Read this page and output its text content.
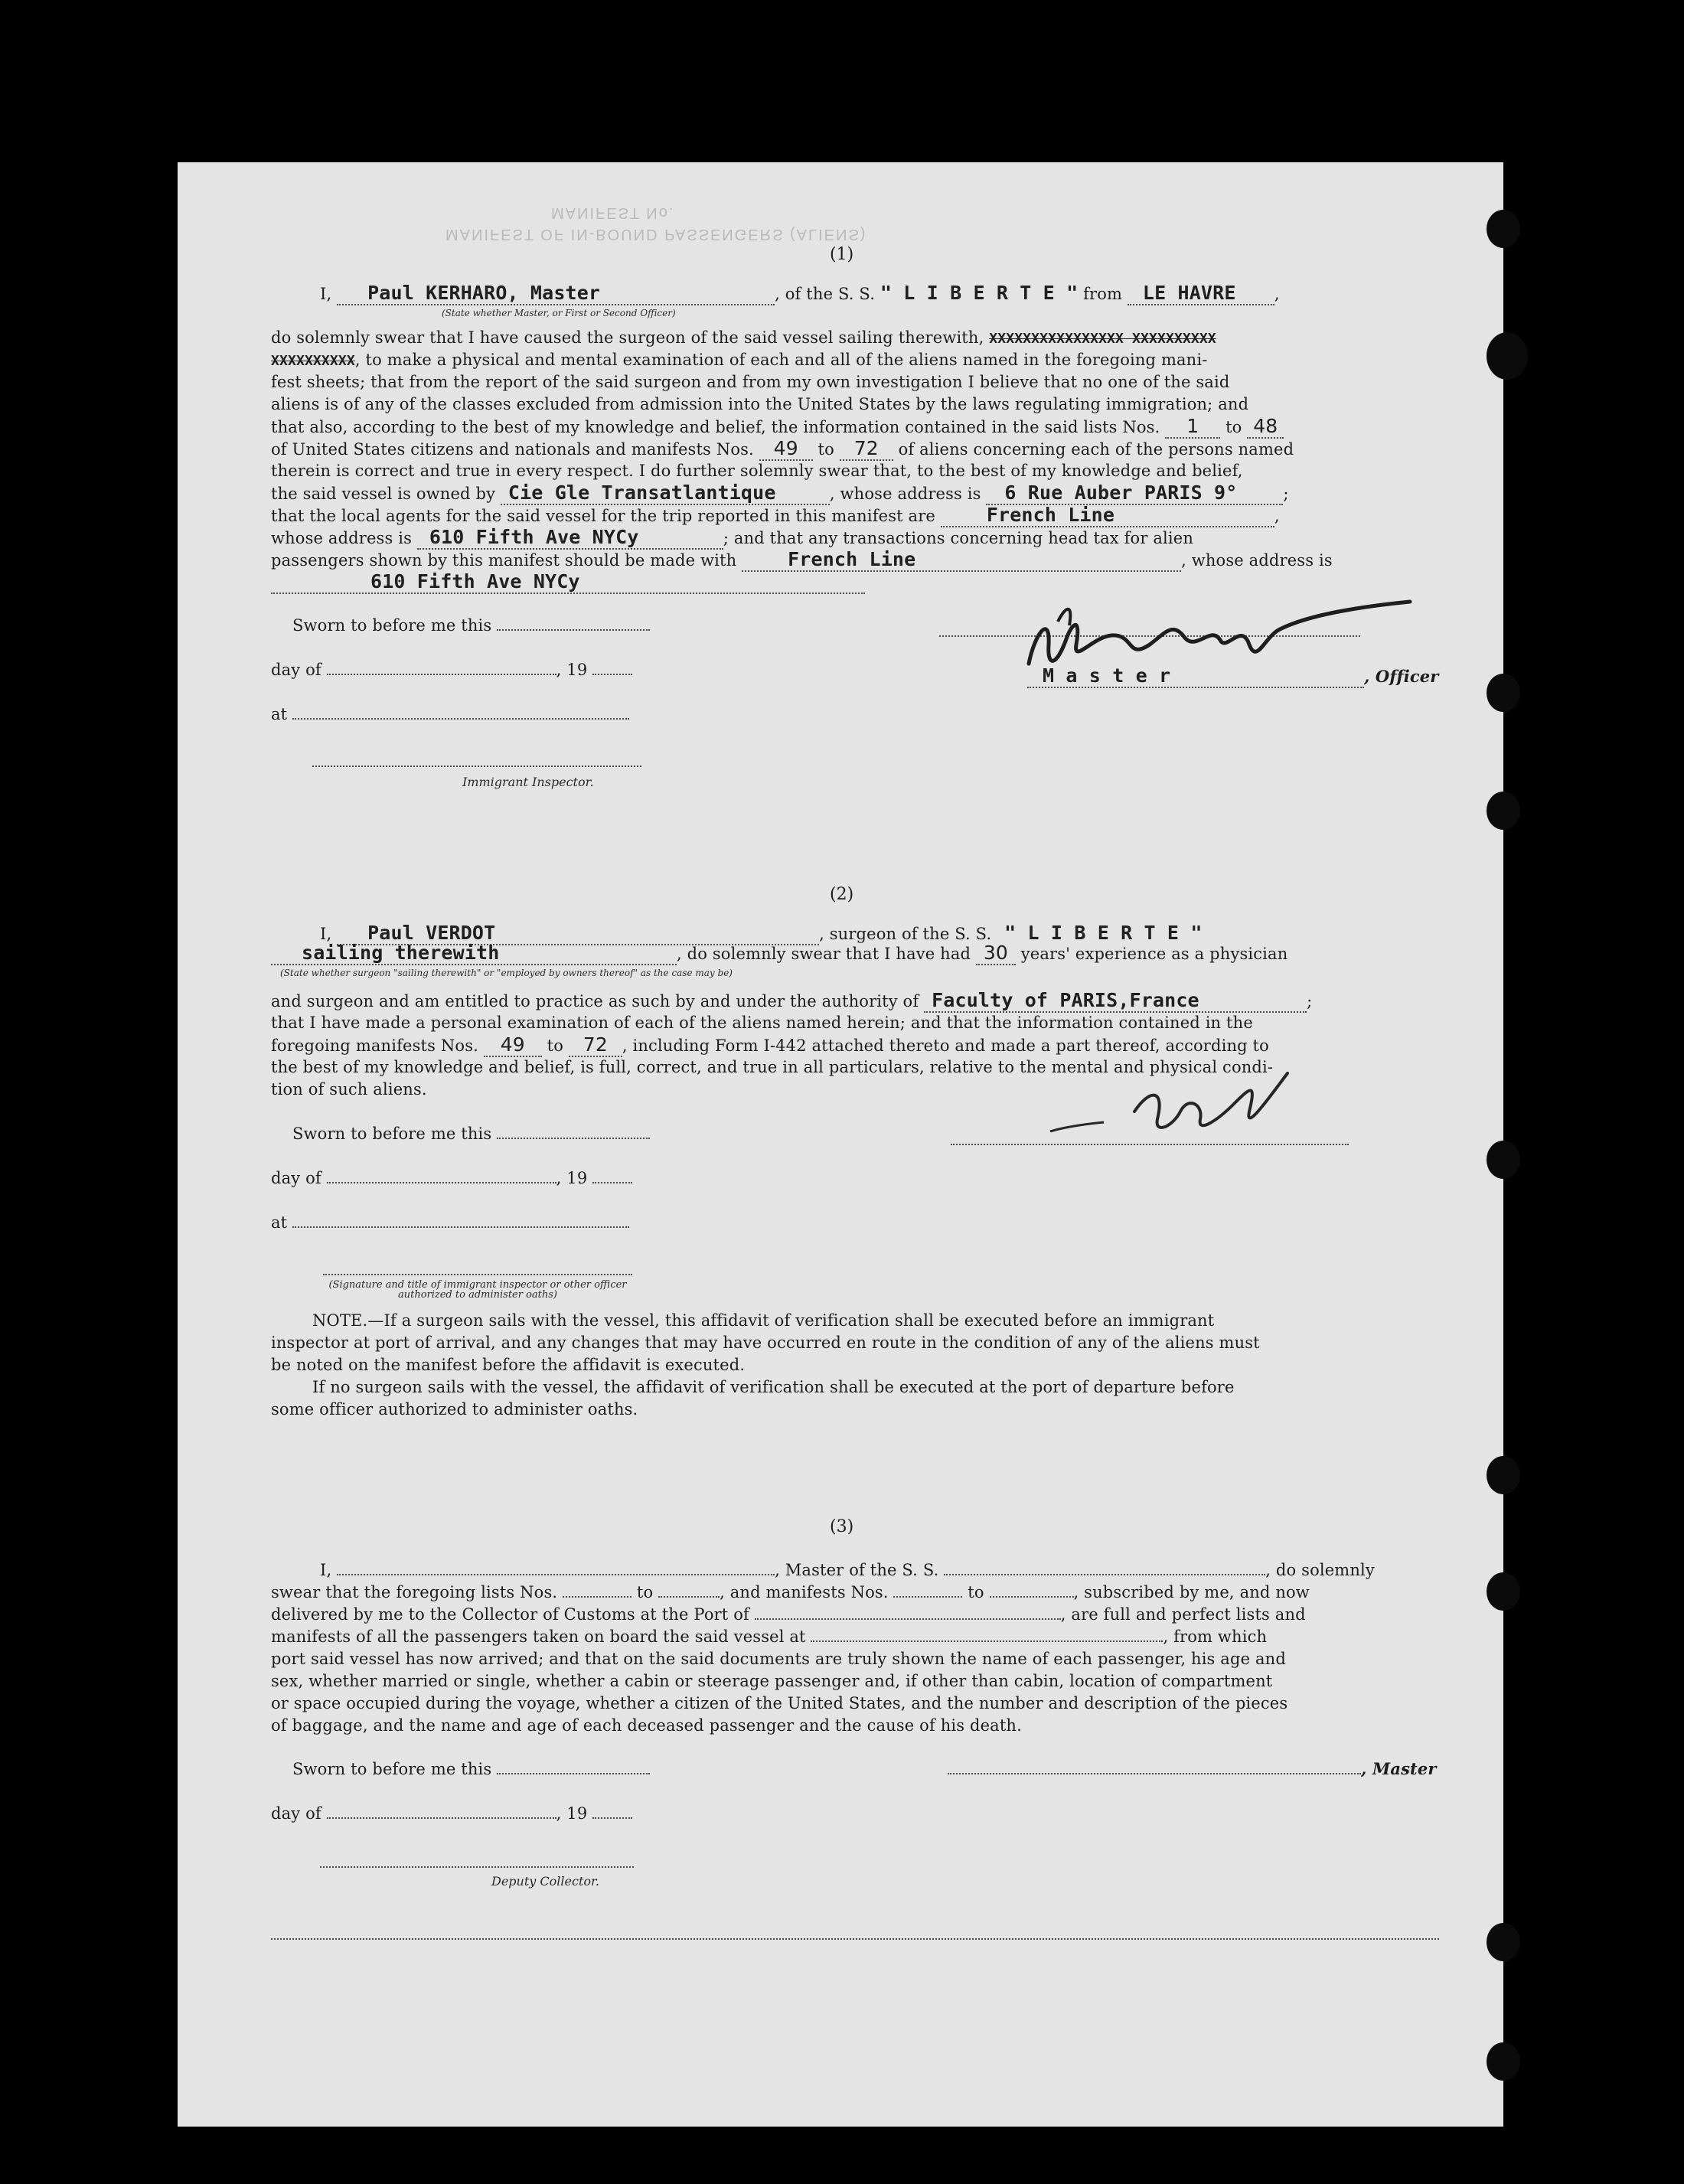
MANIFEST No.
MANIFEST OF IN-BOUND PASSENGERS (ALIENS)
(1)
I, Paul KERHARO, Master	, of the S. S. " L I B E R T E " from LE HAVRE ,
(State whether Master, or First or Second Officer)
do solemnly swear that I have caused the surgeon of the said vessel sailing therewith, XXXXXXXXXXXXXXXX XXXXXXXXXX
XXXXXXXXXX, to make a physical and mental examination of each and all of the aliens named in the foregoing mani-
fest sheets; that from the report of the said surgeon and from my own investigation I believe that no one of the said
aliens is of any of the classes excluded from admission into the United States by the laws regulating immigration; and
that also, according to the best of my knowledge and belief, the information contained in the said lists Nos. 1 to 48
of United States citizens and nationals and manifests Nos. 49 to 72 of aliens concerning each of the persons named
therein is correct and true in every respect. I do further solemnly swear that, to the best of my knowledge and belief,
the said vessel is owned by Cie Gle Transatlantique	, whose address is 6 Rue Auber PARIS 9°	;
that the local agents for the said vessel for the trip reported in this manifest are	French Line	,
whose address is 610 Fifth Ave NYCy	; and that any transactions concerning head tax for alien
passengers shown by this manifest should be made with	French Line	, whose address is
610 Fifth Ave NYCy
Sworn to before me this
day of	, 19
at
Immigrant Inspector.
M a s t e r	, Officer
(2)
I, Paul VERDOT	, surgeon of the S. S. " L I B E R T E "
sailing therewith	, do solemnly swear that I have had 30 years' experience as a physician
(State whether surgeon "sailing therewith" or "employed by owners thereof" as the case may be)
and surgeon and am entitled to practice as such by and under the authority of Faculty of PARIS,France	;
that I have made a personal examination of each of the aliens named herein; and that the information contained in the
foregoing manifests Nos. 49 to 72 , including Form I-442 attached thereto and made a part thereof, according to
the best of my knowledge and belief, is full, correct, and true in all particulars, relative to the mental and physical condi-
tion of such aliens.
Sworn to before me this
day of	, 19
at
(Signature and title of immigrant inspector or other officer authorized to administer oaths)
NOTE.—If a surgeon sails with the vessel, this affidavit of verification shall be executed before an immigrant
inspector at port of arrival, and any changes that may have occurred en route in the condition of any of the aliens must
be noted on the manifest before the affidavit is executed.
If no surgeon sails with the vessel, the affidavit of verification shall be executed at the port of departure before
some officer authorized to administer oaths.
(3)
I,	, Master of the S. S.	, do solemnly
swear that the foregoing lists Nos.	to	, and manifests Nos.	to	, subscribed by me, and now
delivered by me to the Collector of Customs at the Port of	, are full and perfect lists and
manifests of all the passengers taken on board the said vessel at	, from which
port said vessel has now arrived; and that on the said documents are truly shown the name of each passenger, his age and
sex, whether married or single, whether a cabin or steerage passenger and, if other than cabin, location of compartment
or space occupied during the voyage, whether a citizen of the United States, and the number and description of the pieces
of baggage, and the name and age of each deceased passenger and the cause of his death.
Sworn to before me this	, Master
day of	, 19
Deputy Collector.
